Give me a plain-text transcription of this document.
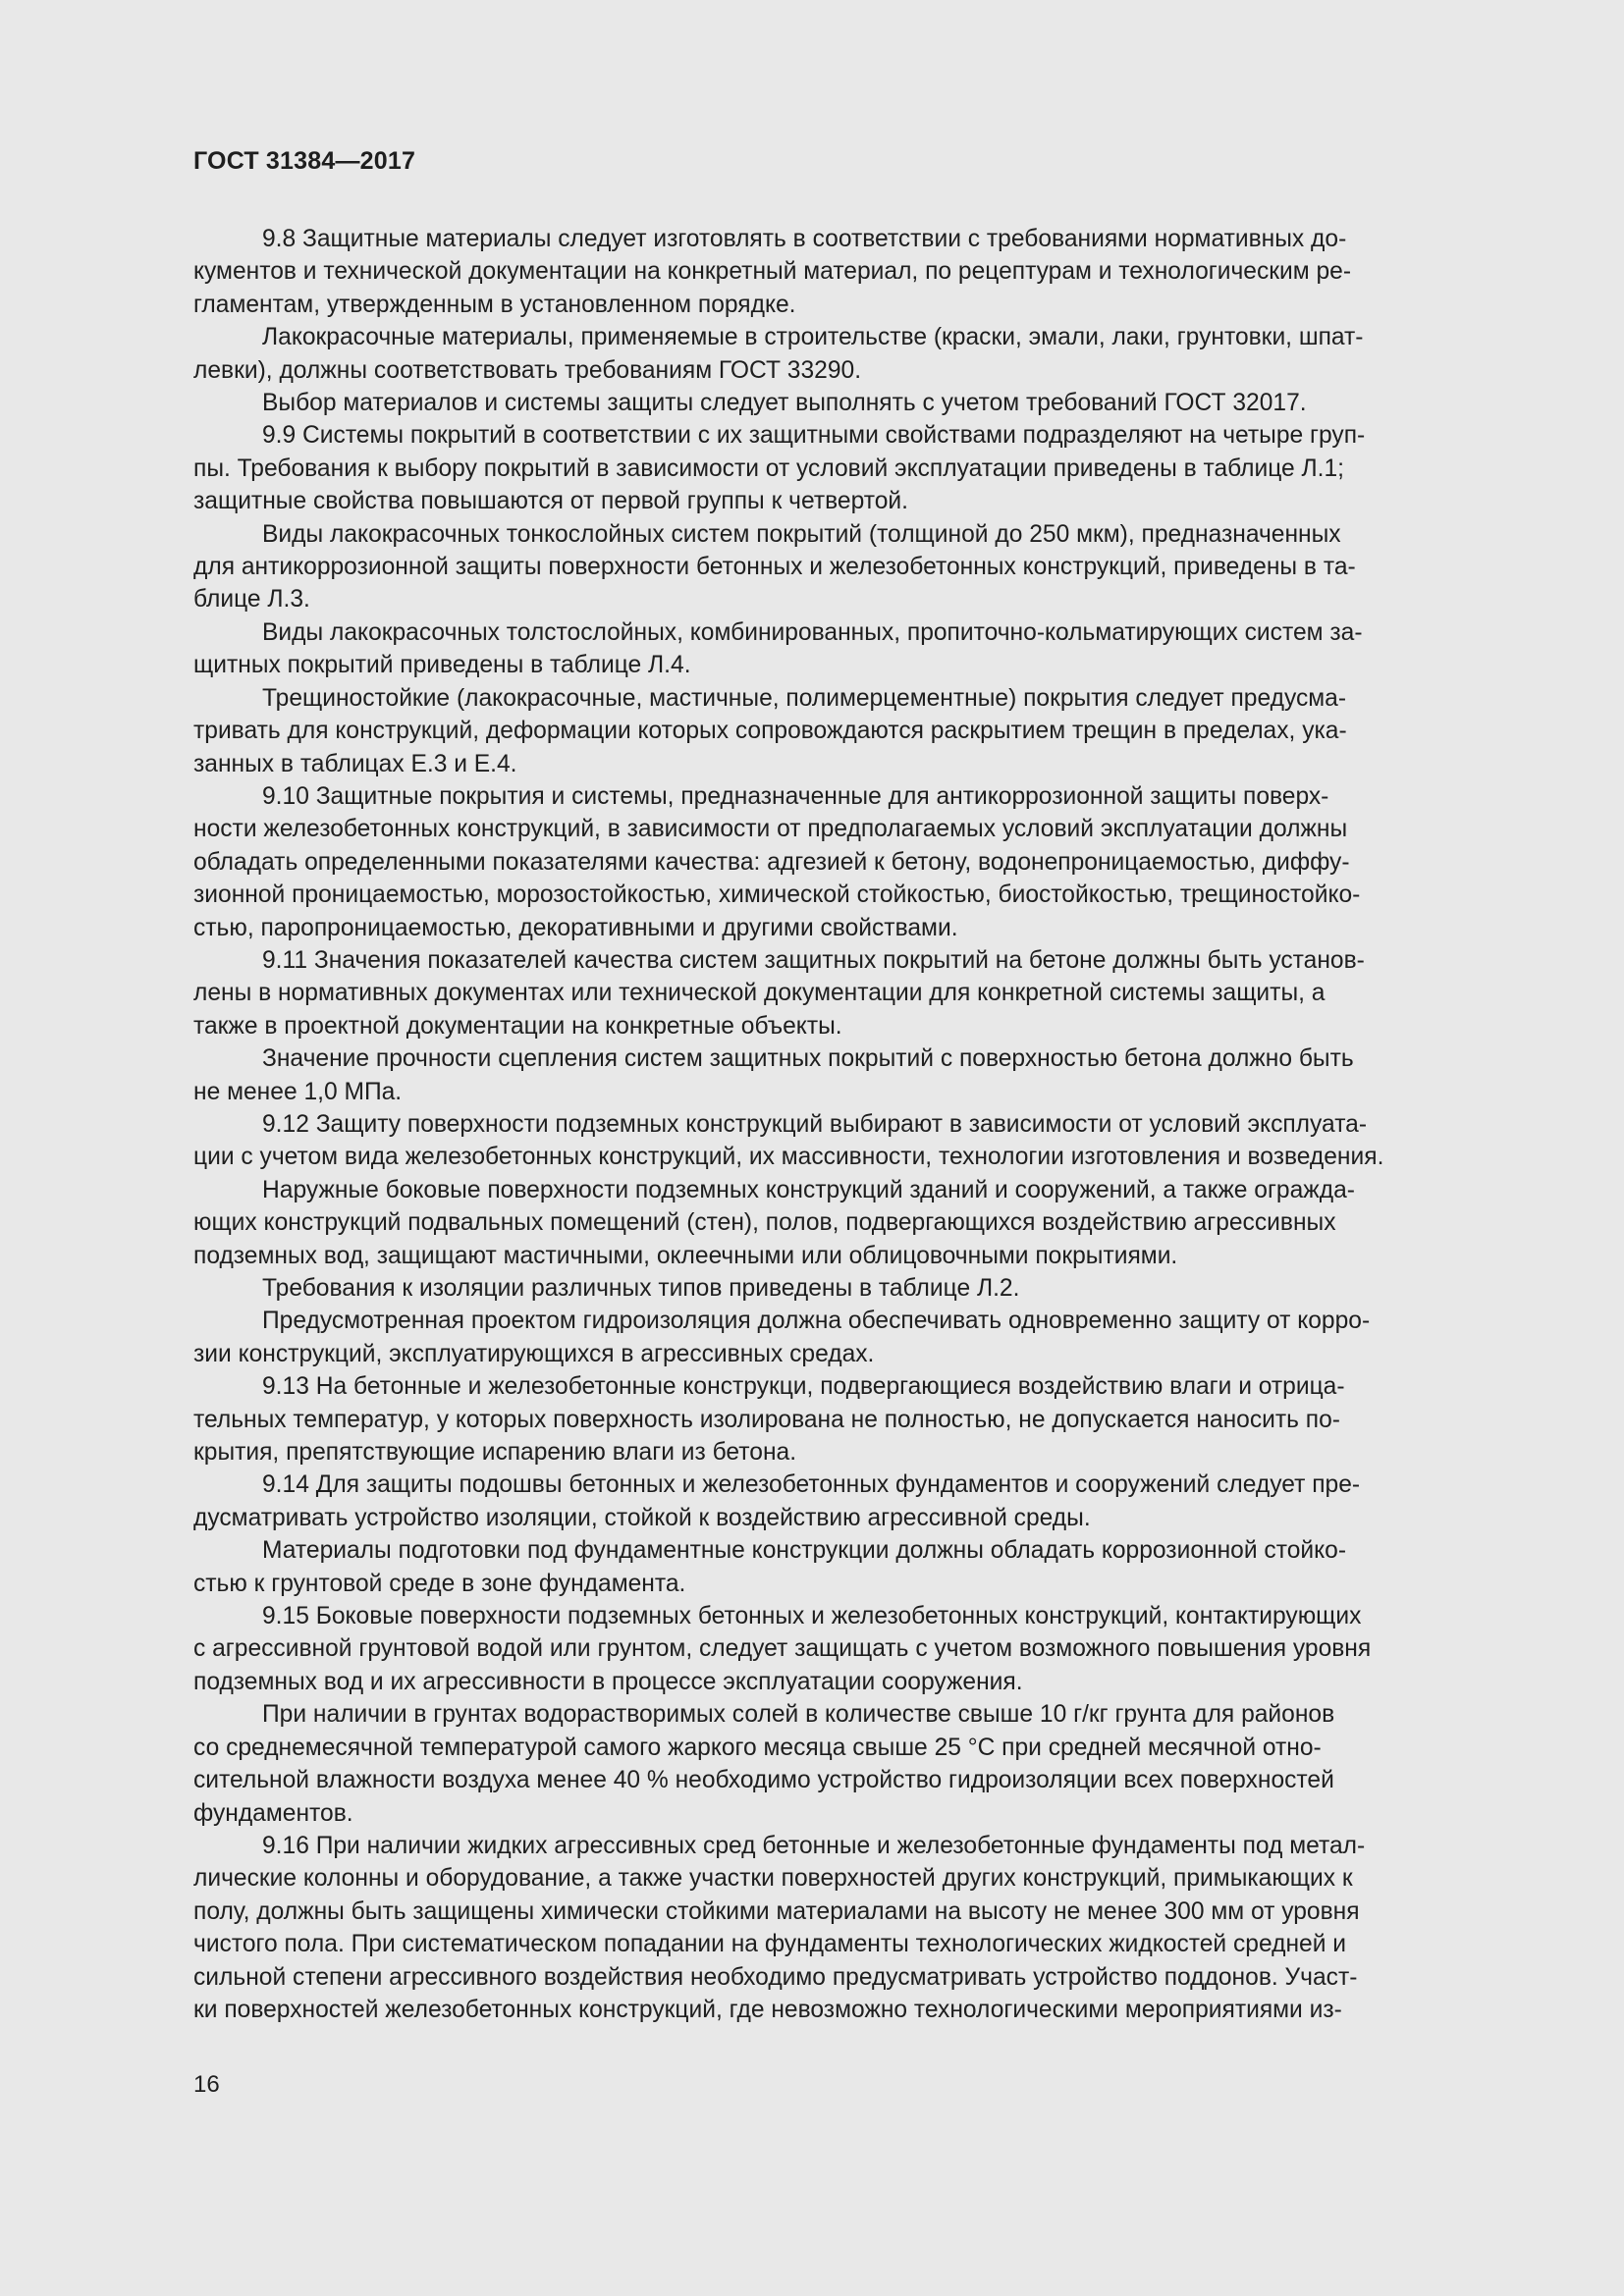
ГОСТ 31384—2017

9.8 Защитные материалы следует изготовлять в соответствии с требованиями нормативных до-
кументов и технической документации на конкретный материал, по рецептурам и технологическим ре-
гламентам, утвержденным в установленном порядке.

Лакокрасочные материалы, применяемые в строительстве (краски, эмали, лаки, грунтовки, шпат-
левки), должны соответствовать требованиям ГОСТ 33290.

Выбор материалов и системы защиты следует выполнять с учетом требований ГОСТ 32017.

9.9 Системы покрытий в соответствии с их защитными свойствами подразделяют на четыре груп-
пы. Требования к выбору покрытий в зависимости от условий эксплуатации приведены в таблице Л.1;
защитные свойства повышаются от первой группы к четвертой.

Виды лакокрасочных тонкослойных систем покрытий (толщиной до 250 мкм), предназначенных
для антикоррозионной защиты поверхности бетонных и железобетонных конструкций, приведены в та-
блице Л.3.

Виды лакокрасочных толстослойных, комбинированных, пропиточно-кольматирующих систем за-
щитных покрытий приведены в таблице Л.4.

Трещиностойкие (лакокрасочные, мастичные, полимерцементные) покрытия следует предусма-
тривать для конструкций, деформации которых сопровождаются раскрытием трещин в пределах, ука-
занных в таблицах Е.3 и Е.4.

9.10 Защитные покрытия и системы, предназначенные для антикоррозионной защиты поверх-
ности железобетонных конструкций, в зависимости от предполагаемых условий эксплуатации должны
обладать определенными показателями качества: адгезией к бетону, водонепроницаемостью, диффу-
зионной проницаемостью, морозостойкостью, химической стойкостью, биостойкостью, трещиностойко-
стью, паропроницаемостью, декоративными и другими свойствами.

9.11 Значения показателей качества систем защитных покрытий на бетоне должны быть установ-
лены в нормативных документах или технической документации для конкретной системы защиты, а
также в проектной документации на конкретные объекты.

Значение прочности сцепления систем защитных покрытий с поверхностью бетона должно быть
не менее 1,0 МПа.

9.12 Защиту поверхности подземных конструкций выбирают в зависимости от условий эксплуата-
ции с учетом вида железобетонных конструкций, их массивности, технологии изготовления и возведения.

Наружные боковые поверхности подземных конструкций зданий и сооружений, а также огражда-
ющих конструкций подвальных помещений (стен), полов, подвергающихся воздействию агрессивных
подземных вод, защищают мастичными, оклеечными или облицовочными покрытиями.

Требования к изоляции различных типов приведены в таблице Л.2.

Предусмотренная проектом гидроизоляция должна обеспечивать одновременно защиту от корро-
зии конструкций, эксплуатирующихся в агрессивных средах.

9.13 На бетонные и железобетонные конструкци, подвергающиеся воздействию влаги и отрица-
тельных температур, у которых поверхность изолирована не полностью, не допускается наносить по-
крытия, препятствующие испарению влаги из бетона.

9.14 Для защиты подошвы бетонных и железобетонных фундаментов и сооружений следует пре-
дусматривать устройство изоляции, стойкой к воздействию агрессивной среды.

Материалы подготовки под фундаментные конструкции должны обладать коррозионной стойко-
стью к грунтовой среде в зоне фундамента.

9.15 Боковые поверхности подземных бетонных и железобетонных конструкций, контактирующих
с агрессивной грунтовой водой или грунтом, следует защищать с учетом возможного повышения уровня
подземных вод и их агрессивности в процессе эксплуатации сооружения.

При наличии в грунтах водорастворимых солей в количестве свыше 10 г/кг грунта для районов
со среднемесячной температурой самого жаркого месяца свыше 25 °С при средней месячной отно-
сительной влажности воздуха менее 40 % необходимо устройство гидроизоляции всех поверхностей
фундаментов.

9.16 При наличии жидких агрессивных сред бетонные и железобетонные фундаменты под метал-
лические колонны и оборудование, а также участки поверхностей других конструкций, примыкающих к
полу, должны быть защищены химически стойкими материалами на высоту не менее 300 мм от уровня
чистого пола. При систематическом попадании на фундаменты технологических жидкостей средней и
сильной степени агрессивного воздействия необходимо предусматривать устройство поддонов. Участ-
ки поверхностей железобетонных конструкций, где невозможно технологическими мероприятиями из-

16
